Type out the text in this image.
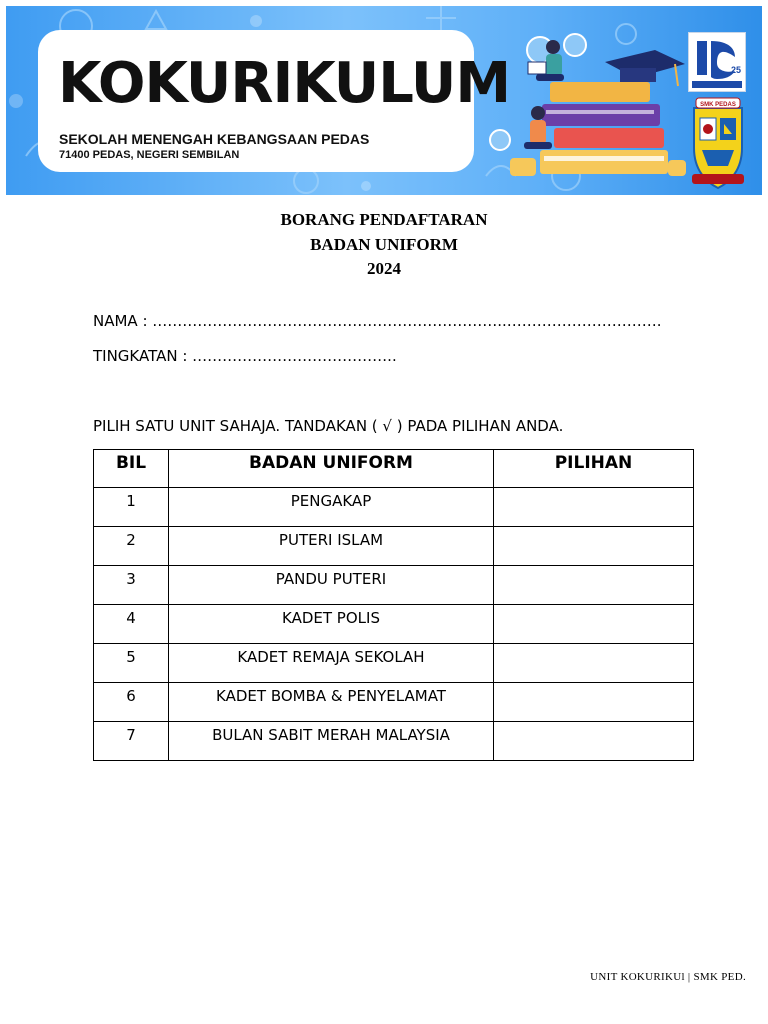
KOKURIKULUM
SEKOLAH MENENGAH KEBANGSAAN PEDAS
71400 PEDAS, NEGERI SEMBILAN
25
SMK PEDAS
BORANG PENDAFTARAN
BADAN UNIFORM
2024
NAMA : ……………………………………………………………..………………………….
TINGKATAN : …………………………………..
PILIH SATU UNIT SAHAJA. TANDAKAN ( √ ) PADA PILIHAN ANDA.
BIL	BADAN UNIFORM	PILIHAN
1	PENGAKAP	
2	PUTERI ISLAM	
3	PANDU PUTERI	
4	KADET POLIS	
5	KADET REMAJA SEKOLAH	
6	KADET BOMBA & PENYELAMAT	
7	BULAN SABIT MERAH MALAYSIA	
UNIT KOKURIKUl | SMK PED.
